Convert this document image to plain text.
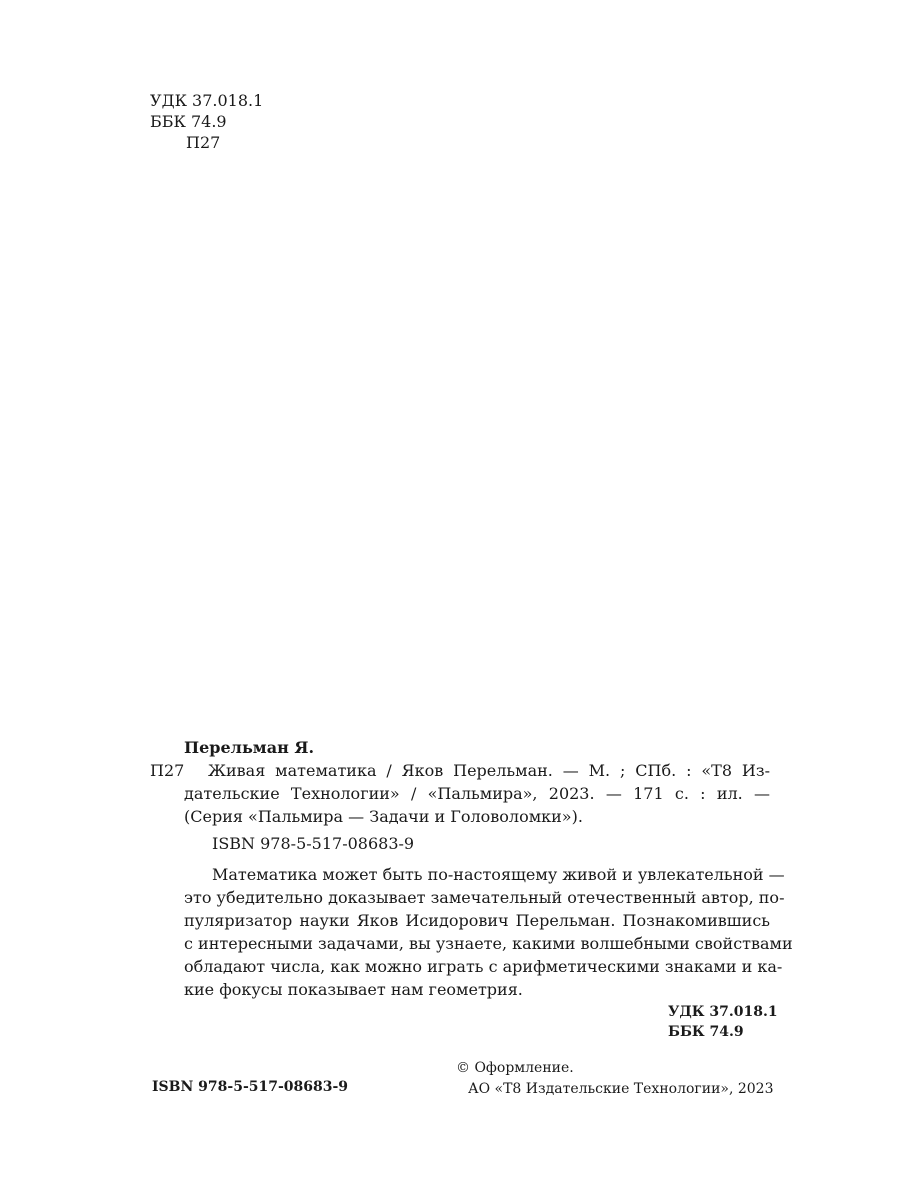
УДК 37.018.1
ББК 74.9
П27
Перельман Я.
П27	Живая математика / Яков Перельман. — М. ; СПб. : «Т8 Из-
дательские Технологии» / «Пальмира», 2023. — 171 с. : ил. —
(Серия «Пальмира — Задачи и Головоломки»).
ISBN 978-5-517-08683-9
Математика может быть по-настоящему живой и увлекательной —
это убедительно доказывает замечательный отечественный автор, по-
пуляризатор науки Яков Исидорович Перельман. Познакомившись
с интересными задачами, вы узнаете, какими волшебными свойствами
обладают числа, как можно играть с арифметическими знаками и ка-
кие фокусы показывает нам геометрия.
УДК 37.018.1
ББК 74.9
© Оформление.
АО «Т8 Издательские Технологии», 2023
ISBN 978-5-517-08683-9
